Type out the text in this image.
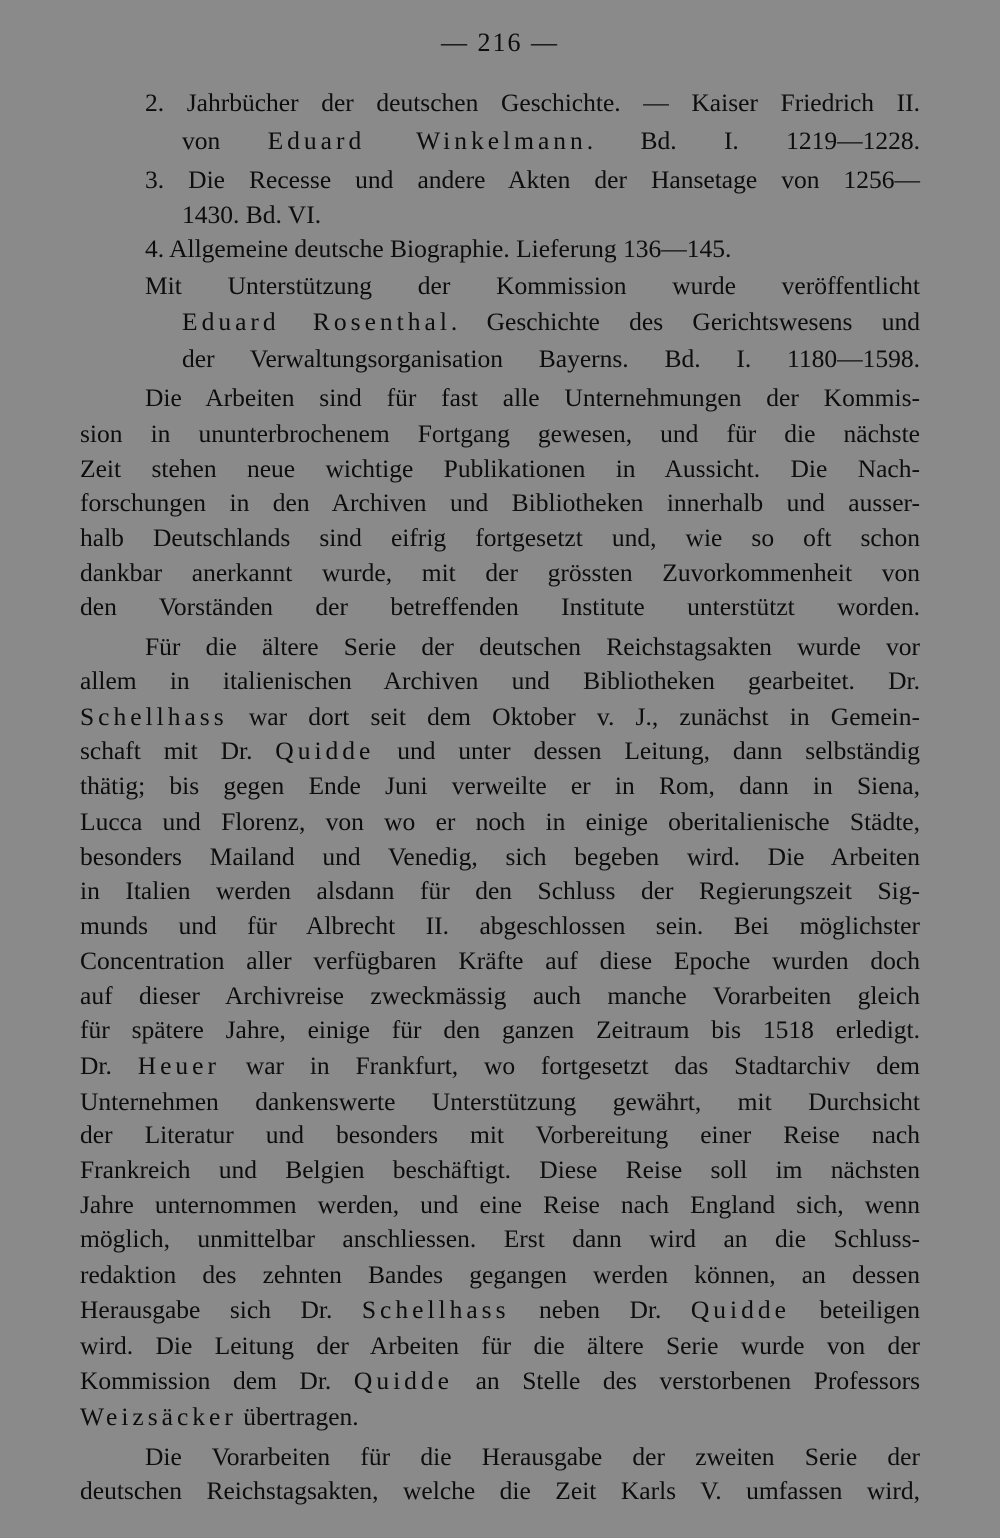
— 216 —
2. Jahrbücher der deutschen Geschichte. — Kaiser Friedrich II.
von Eduard Winkelmann. Bd. I. 1219—1228.
3. Die Recesse und andere Akten der Hansetage von 1256—
1430. Bd. VI.
4. Allgemeine deutsche Biographie. Lieferung 136—145.
Mit Unterstützung der Kommission wurde veröffentlicht
Eduard Rosenthal. Geschichte des Gerichtswesens und
der Verwaltungsorganisation Bayerns. Bd. I. 1180—1598.
Die Arbeiten sind für fast alle Unternehmungen der Kommis-
sion in ununterbrochenem Fortgang gewesen, und für die nächste
Zeit stehen neue wichtige Publikationen in Aussicht. Die Nach-
forschungen in den Archiven und Bibliotheken innerhalb und ausser-
halb Deutschlands sind eifrig fortgesetzt und, wie so oft schon
dankbar anerkannt wurde, mit der grössten Zuvorkommenheit von
den Vorständen der betreffenden Institute unterstützt worden.
Für die ältere Serie der deutschen Reichstagsakten wurde vor
allem in italienischen Archiven und Bibliotheken gearbeitet. Dr.
Schellhass war dort seit dem Oktober v. J., zunächst in Gemein-
schaft mit Dr. Quidde und unter dessen Leitung, dann selbständig
thätig; bis gegen Ende Juni verweilte er in Rom, dann in Siena,
Lucca und Florenz, von wo er noch in einige oberitalienische Städte,
besonders Mailand und Venedig, sich begeben wird. Die Arbeiten
in Italien werden alsdann für den Schluss der Regierungszeit Sig-
munds und für Albrecht II. abgeschlossen sein. Bei möglichster
Concentration aller verfügbaren Kräfte auf diese Epoche wurden doch
auf dieser Archivreise zweckmässig auch manche Vorarbeiten gleich
für spätere Jahre, einige für den ganzen Zeitraum bis 1518 erledigt.
Dr. Heuer war in Frankfurt, wo fortgesetzt das Stadtarchiv dem
Unternehmen dankenswerte Unterstützung gewährt, mit Durchsicht
der Literatur und besonders mit Vorbereitung einer Reise nach
Frankreich und Belgien beschäftigt. Diese Reise soll im nächsten
Jahre unternommen werden, und eine Reise nach England sich, wenn
möglich, unmittelbar anschliessen. Erst dann wird an die Schluss-
redaktion des zehnten Bandes gegangen werden können, an dessen
Herausgabe sich Dr. Schellhass neben Dr. Quidde beteiligen
wird. Die Leitung der Arbeiten für die ältere Serie wurde von der
Kommission dem Dr. Quidde an Stelle des verstorbenen Professors
Weizsäcker übertragen.
Die Vorarbeiten für die Herausgabe der zweiten Serie der
deutschen Reichstagsakten, welche die Zeit Karls V. umfassen wird,
